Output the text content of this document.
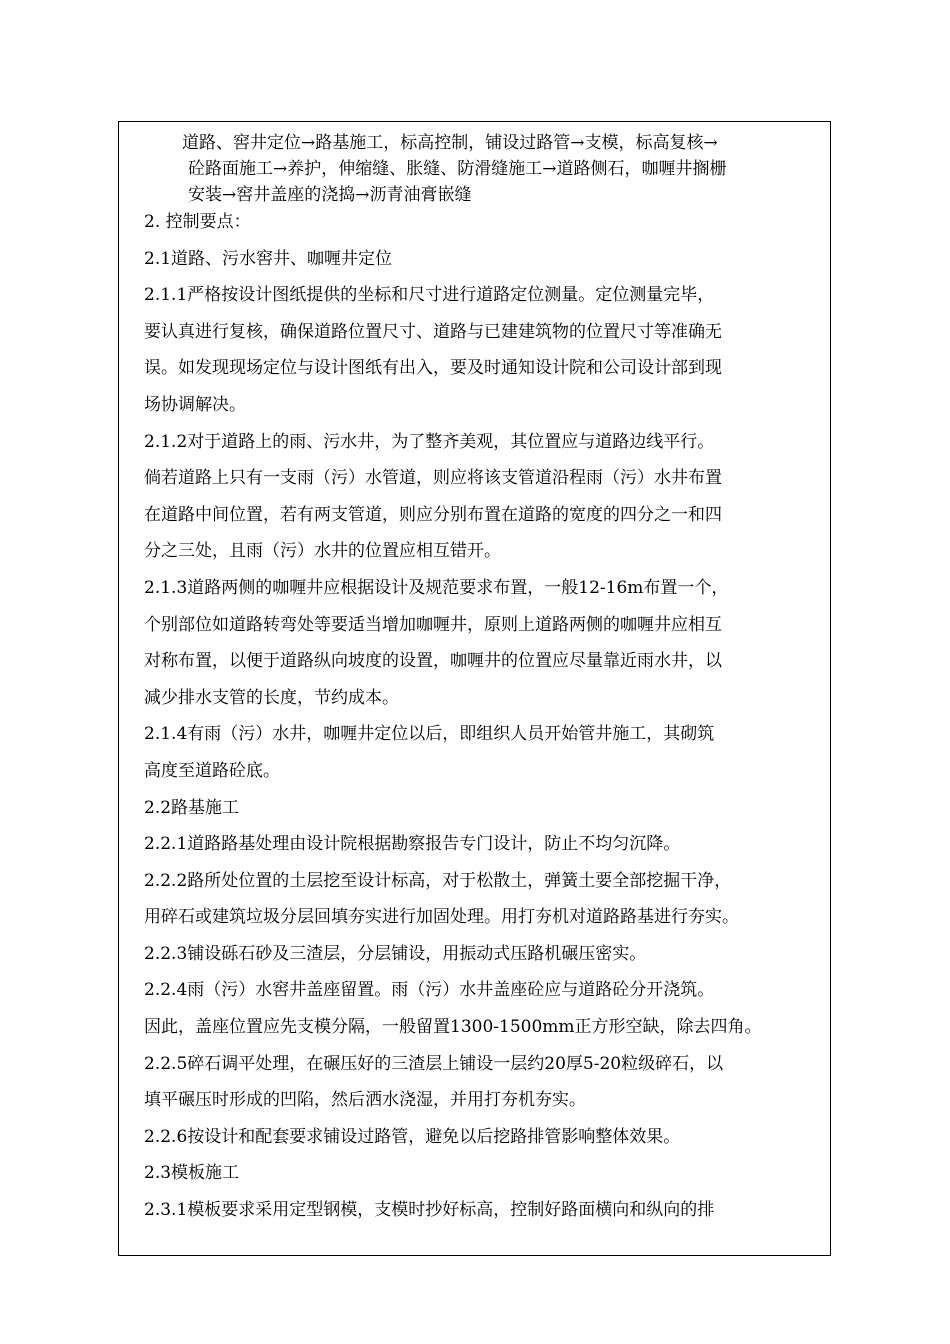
道路、窖井定位→路基施工，标高控制，铺设过路管→支模，标高复核→
砼路面施工→养护，伸缩缝、胀缝、防滑缝施工→道路侧石，咖喱井搁栅
安装→窖井盖座的浇捣→沥青油膏嵌缝

2. 控制要点：

2.1道路、污水窖井、咖喱井定位

2.1.1严格按设计图纸提供的坐标和尺寸进行道路定位测量。定位测量完毕，

要认真进行复核，确保道路位置尺寸、道路与已建建筑物的位置尺寸等准确无

误。如发现现场定位与设计图纸有出入，要及时通知设计院和公司设计部到现

场协调解决。

2.1.2对于道路上的雨、污水井，为了整齐美观，其位置应与道路边线平行。

倘若道路上只有一支雨（污）水管道，则应将该支管道沿程雨（污）水井布置

在道路中间位置，若有两支管道，则应分别布置在道路的宽度的四分之一和四

分之三处，且雨（污）水井的位置应相互错开。

2.1.3道路两侧的咖喱井应根据设计及规范要求布置，一般12-16m布置一个，

个别部位如道路转弯处等要适当增加咖喱井，原则上道路两侧的咖喱井应相互

对称布置，以便于道路纵向坡度的设置，咖喱井的位置应尽量靠近雨水井，以

减少排水支管的长度，节约成本。

2.1.4有雨（污）水井，咖喱井定位以后，即组织人员开始管井施工，其砌筑

高度至道路砼底。

2.2路基施工

2.2.1道路路基处理由设计院根据勘察报告专门设计，防止不均匀沉降。

2.2.2路所处位置的土层挖至设计标高，对于松散土，弹簧土要全部挖掘干净，

用碎石或建筑垃圾分层回填夯实进行加固处理。用打夯机对道路路基进行夯实。

2.2.3铺设砾石砂及三渣层，分层铺设，用振动式压路机碾压密实。

2.2.4雨（污）水窖井盖座留置。雨（污）水井盖座砼应与道路砼分开浇筑。

因此，盖座位置应先支模分隔，一般留置1300-1500mm正方形空缺，除去四角。

2.2.5碎石调平处理，在碾压好的三渣层上铺设一层约20厚5-20粒级碎石，以

填平碾压时形成的凹陷，然后洒水浇湿，并用打夯机夯实。

2.2.6按设计和配套要求铺设过路管，避免以后挖路排管影响整体效果。

2.3模板施工

2.3.1模板要求采用定型钢模，支模时抄好标高，控制好路面横向和纵向的排
